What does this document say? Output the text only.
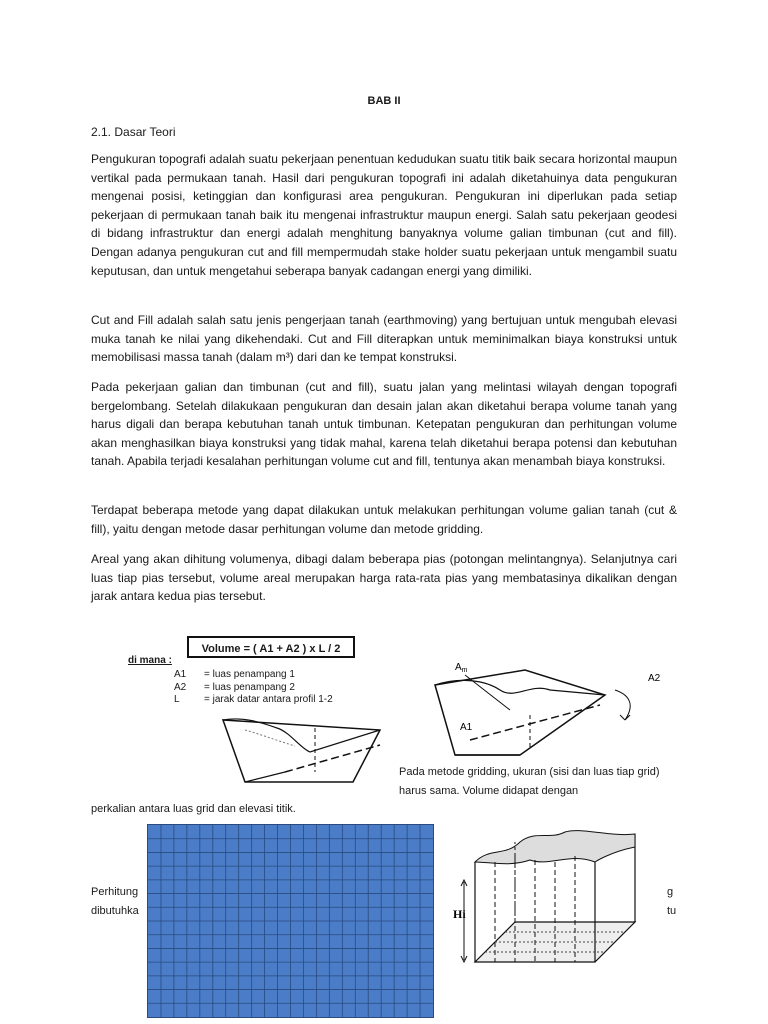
BAB II
2.1. Dasar Teori

Pengukuran topografi adalah suatu pekerjaan penentuan kedudukan suatu titik baik secara horizontal maupun vertikal pada permukaan tanah. Hasil dari pengukuran topografi ini adalah diketahuinya data pengukuran mengenai posisi, ketinggian dan konfigurasi area pengukuran. Pengukuran ini diperlukan pada setiap pekerjaan di permukaan tanah baik itu mengenai infrastruktur maupun energi. Salah satu pekerjaan geodesi di bidang infrastruktur dan energi adalah menghitung banyaknya volume galian timbunan (cut and fill). Dengan adanya pengukuran cut and fill mempermudah stake holder suatu pekerjaan untuk mengambil suatu keputusan, dan untuk mengetahui seberapa banyak cadangan energi yang dimiliki.

Cut and Fill adalah salah satu jenis pengerjaan tanah (earthmoving) yang bertujuan untuk mengubah elevasi muka tanah ke nilai yang dikehendaki. Cut and Fill diterapkan untuk meminimalkan biaya konstruksi untuk memobilisasi massa tanah (dalam m³) dari dan ke tempat konstruksi.

Pada pekerjaan galian dan timbunan (cut and fill), suatu jalan yang melintasi wilayah dengan topografi bergelombang. Setelah dilakukaan pengukuran dan desain jalan akan diketahui berapa volume tanah yang harus digali dan berapa kebutuhan tanah untuk timbunan. Ketepatan pengukuran dan perhitungan volume akan menghasilkan biaya konstruksi yang tidak mahal, karena telah diketahui berapa potensi dan kebutuhan tanah. Apabila terjadi kesalahan perhitungan volume cut and fill, tentunya akan menambah biaya konstruksi.

Terdapat beberapa metode yang dapat dilakukan untuk melakukan perhitungan volume galian tanah (cut & fill), yaitu dengan metode dasar perhitungan volume dan metode gridding.

Areal yang akan dihitung volumenya, dibagi dalam beberapa pias (potongan melintangnya). Selanjutnya cari luas tiap pias tersebut, volume areal merupakan harga rata-rata pias yang membatasinya dikalikan dengan jarak antara kedua pias tersebut.

Volume = ( A1 + A2 ) x L / 2
di mana :
A1 = luas penampang 1
A2 = luas penampang 2
L = jarak datar antara profil 1-2
$A_m$
A2
A1
Pada metode gridding, ukuran (sisi dan luas tiap grid) harus sama. Volume didapat dengan
perkalian antara luas grid dan elevasi titik.
Perhitung
dibutuhka
g
tu
Hi
